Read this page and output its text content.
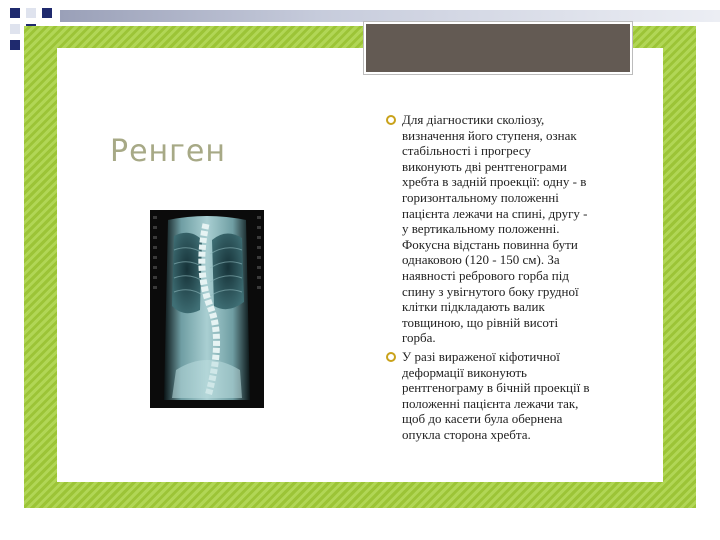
Ренген
Для діагностики сколіозу,
визначення його ступеня, ознак
стабільності і прогресу
виконують дві рентгенограми
хребта в задній проекції: одну - в
горизонтальному положенні
пацієнта лежачи на спині, другу -
у вертикальному положенні.
Фокусна відстань повинна бути
однаковою (120 - 150 см). За
наявності ребрового горба під
спину з увігнутого боку грудної
клітки підкладають валик
товщиною, що рівній висоті
горба.
У разі вираженої кіфотичної
деформації виконують
рентгенограму в бічній проекції в
положенні пацієнта лежачи так,
щоб до касети була обернена
опукла сторона хребта.
